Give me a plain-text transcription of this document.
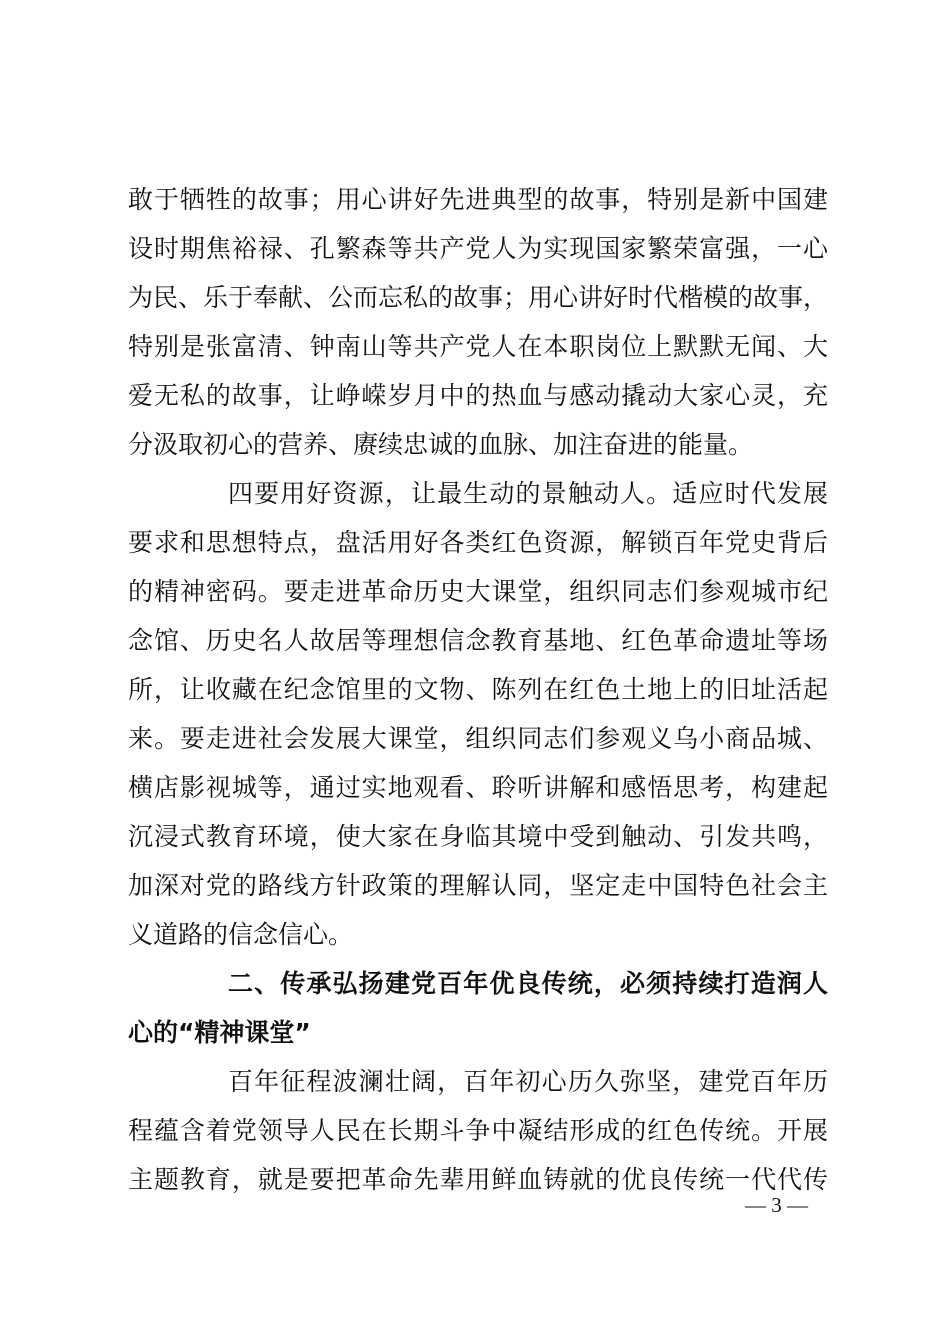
敢于牺牲的故事；用心讲好先进典型的故事，特别是新中国建
设时期焦裕禄、孔繁森等共产党人为实现国家繁荣富强，一心
为民、乐于奉献、公而忘私的故事；用心讲好时代楷模的故事，
特别是张富清、钟南山等共产党人在本职岗位上默默无闻、大
爱无私的故事，让峥嵘岁月中的热血与感动撬动大家心灵，充
分汲取初心的营养、赓续忠诚的血脉、加注奋进的能量。
四要用好资源，让最生动的景触动人。适应时代发展
要求和思想特点，盘活用好各类红色资源，解锁百年党史背后
的精神密码。要走进革命历史大课堂，组织同志们参观城市纪
念馆、历史名人故居等理想信念教育基地、红色革命遗址等场
所，让收藏在纪念馆里的文物、陈列在红色土地上的旧址活起
来。要走进社会发展大课堂，组织同志们参观义乌小商品城、
横店影视城等，通过实地观看、聆听讲解和感悟思考，构建起
沉浸式教育环境，使大家在身临其境中受到触动、引发共鸣，
加深对党的路线方针政策的理解认同，坚定走中国特色社会主
义道路的信念信心。
二、传承弘扬建党百年优良传统，必须持续打造润人
心的“精神课堂”
百年征程波澜壮阔，百年初心历久弥坚，建党百年历
程蕴含着党领导人民在长期斗争中凝结形成的红色传统。开展
主题教育，就是要把革命先辈用鲜血铸就的优良传统一代代传
— 3 —
